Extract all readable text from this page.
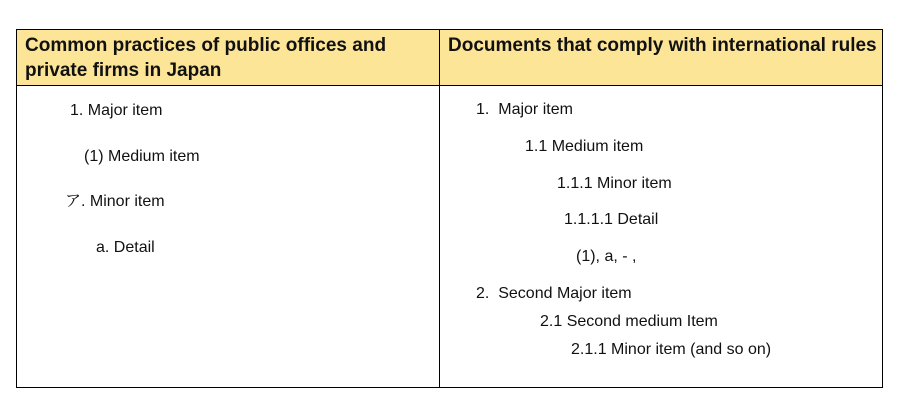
Common practices of public offices and private firms in Japan
Documents that comply with international rules
1. Major item
(1) Medium item
ア. Minor item
a. Detail
1.  Major item
1.1 Medium item
1.1.1 Minor item
1.1.1.1 Detail
(1), a, - ,
2.  Second Major item
2.1 Second medium Item
2.1.1 Minor item (and so on)
